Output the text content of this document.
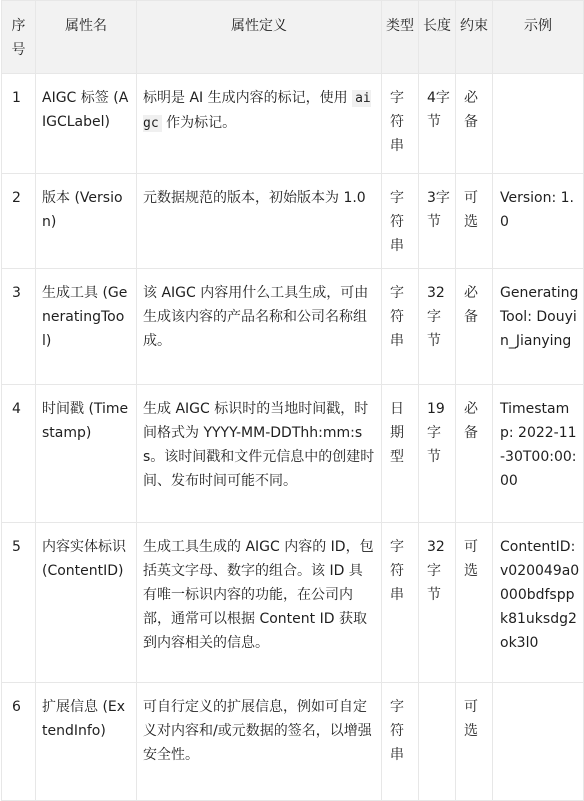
序号	属性名	属性定义	类型	长度	约束	示例
1	AIGC 标签 (AIGCLabel)	标明是 AI 生成内容的标记，使用 aigc 作为标记。	字符串	4字节	必备	
2	版本 (Version)	元数据规范的版本，初始版本为 1.0	字符串	3字节	可选	Version: 1.0
3	生成工具 (GeneratingTool)	该 AIGC 内容用什么工具生成，可由生成该内容的产品名称和公司名称组成。	字符串	32字节	必备	Generating Tool: Douyin_Jianying
4	时间戳 (Timestamp)	生成 AIGC 标识时的当地时间戳，时间格式为 YYYY-MM-DDThh:mm:ss。该时间戳和文件元信息中的创建时间、发布时间可能不同。	日期型	19字节	必备	Timestamp: 2022-11-30T00:00:00
5	内容实体标识 (ContentID)	生成工具生成的 AIGC 内容的 ID，包括英文字母、数字的组合。该 ID 具有唯一标识内容的功能，在公司内部，通常可以根据 Content ID 获取到内容相关的信息。	字符串	32字节	可选	ContentID: v020049a0000bdfsppk81uksdg2ok3l0
6	扩展信息 (ExtendInfo)	可自行定义的扩展信息，例如可自定义对内容和/或元数据的签名，以增强安全性。	字符串		可选	
